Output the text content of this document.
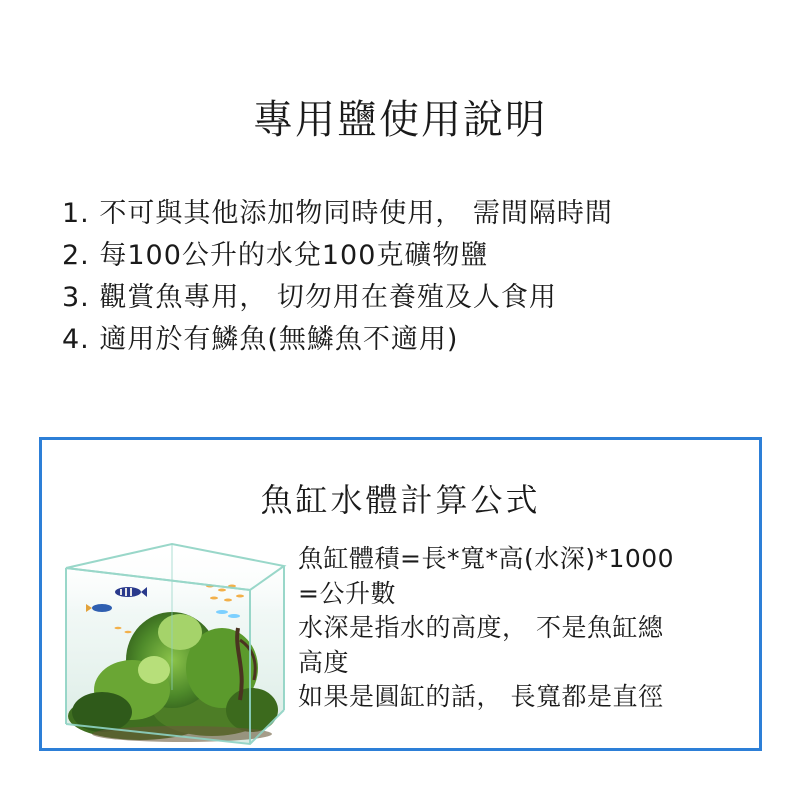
專用鹽使用說明
1. 不可與其他添加物同時使用， 需間隔時間
2. 每100公升的水兌100克礦物鹽
3. 觀賞魚專用， 切勿用在養殖及人食用
4. 適用於有鱗魚(無鱗魚不適用)
魚缸水體計算公式
魚缸體積=長*寬*高(水深)*1000
=公升數
水深是指水的高度， 不是魚缸總
高度
如果是圓缸的話， 長寬都是直徑
